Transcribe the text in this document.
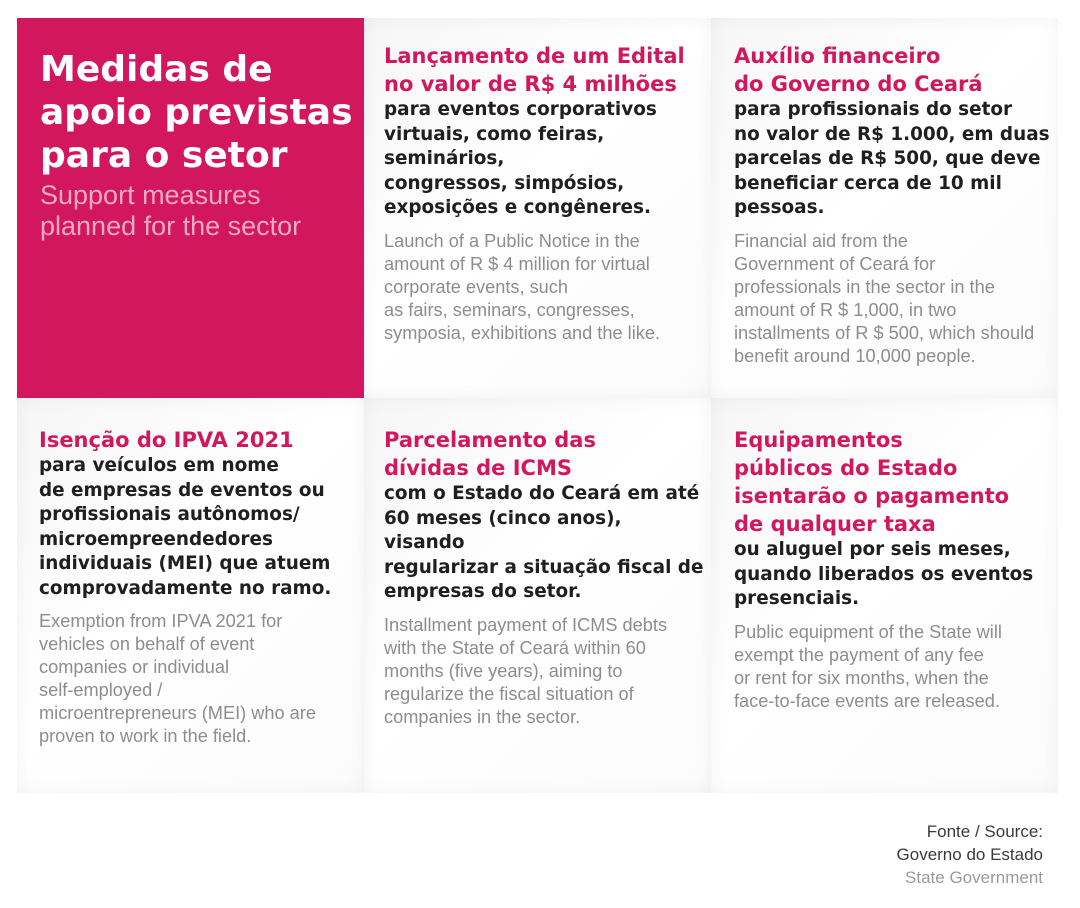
Medidas de
apoio previstas
para o setor
Support measures
planned for the sector

Lançamento de um Edital
no valor de R$ 4 milhões

para eventos corporativos
virtuais, como feiras, seminários,
congressos, simpósios,
exposições e congêneres.

Launch of a Public Notice in the
amount of R $ 4 million for virtual
corporate events, such
as fairs, seminars, congresses,
symposia, exhibitions and the like.

Auxílio financeiro
do Governo do Ceará

para profissionais do setor
no valor de R$ 1.000, em duas
parcelas de R$ 500, que deve
beneficiar cerca de 10 mil
pessoas.

Financial aid from the
Government of Ceará for
professionals in the sector in the
amount of R $ 1,000, in two
installments of R $ 500, which should
benefit around 10,000 people.

Isenção do IPVA 2021

para veículos em nome
de empresas de eventos ou
profissionais autônomos/
microempreendedores
individuais (MEI) que atuem
comprovadamente no ramo.

Exemption from IPVA 2021 for
vehicles on behalf of event
companies or individual
self-employed /
microentrepreneurs (MEI) who are
proven to work in the field.

Parcelamento das
dívidas de ICMS

com o Estado do Ceará em até
60 meses (cinco anos), visando
regularizar a situação fiscal de
empresas do setor.

Installment payment of ICMS debts
with the State of Ceará within 60
months (five years), aiming to
regularize the fiscal situation of
companies in the sector.

Equipamentos
públicos do Estado
isentarão o pagamento
de qualquer taxa

ou aluguel por seis meses,
quando liberados os eventos
presenciais.

Public equipment of the State will
exempt the payment of any fee
or rent for six months, when the
face-to-face events are released.

Fonte / Source:
Governo do Estado
State Government
